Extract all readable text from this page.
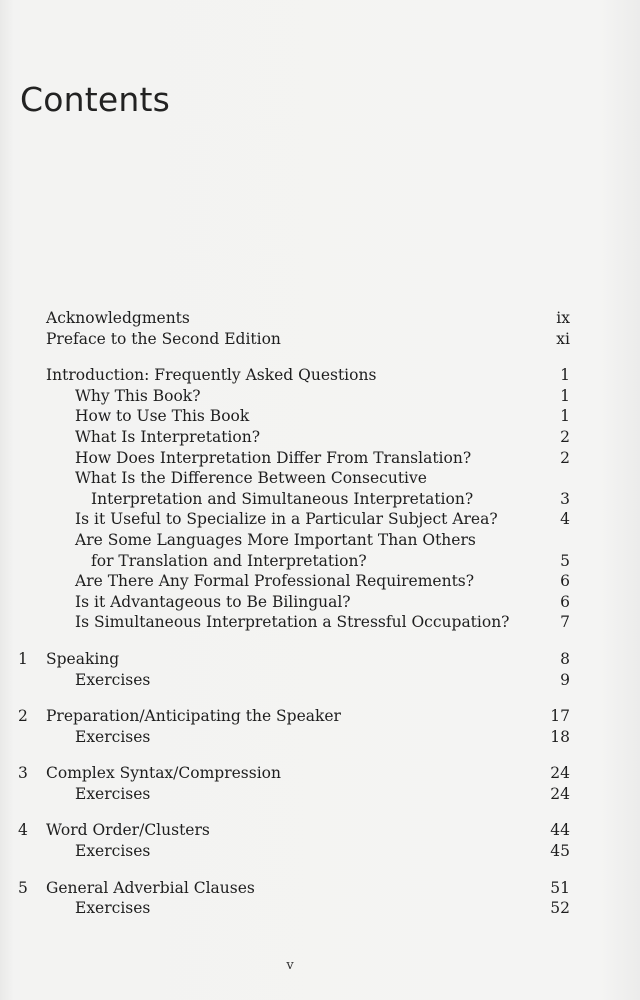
Contents
Acknowledgments	ix
Preface to the Second Edition	xi
Introduction: Frequently Asked Questions	1
Why This Book?	1
How to Use This Book	1
What Is Interpretation?	2
How Does Interpretation Differ From Translation?	2
What Is the Difference Between Consecutive
Interpretation and Simultaneous Interpretation?	3
Is it Useful to Specialize in a Particular Subject Area?	4
Are Some Languages More Important Than Others
for Translation and Interpretation?	5
Are There Any Formal Professional Requirements?	6
Is it Advantageous to Be Bilingual?	6
Is Simultaneous Interpretation a Stressful Occupation?	7
1 Speaking	8
Exercises	9
2 Preparation/Anticipating the Speaker	17
Exercises	18
3 Complex Syntax/Compression	24
Exercises	24
4 Word Order/Clusters	44
Exercises	45
5 General Adverbial Clauses	51
Exercises	52
v
